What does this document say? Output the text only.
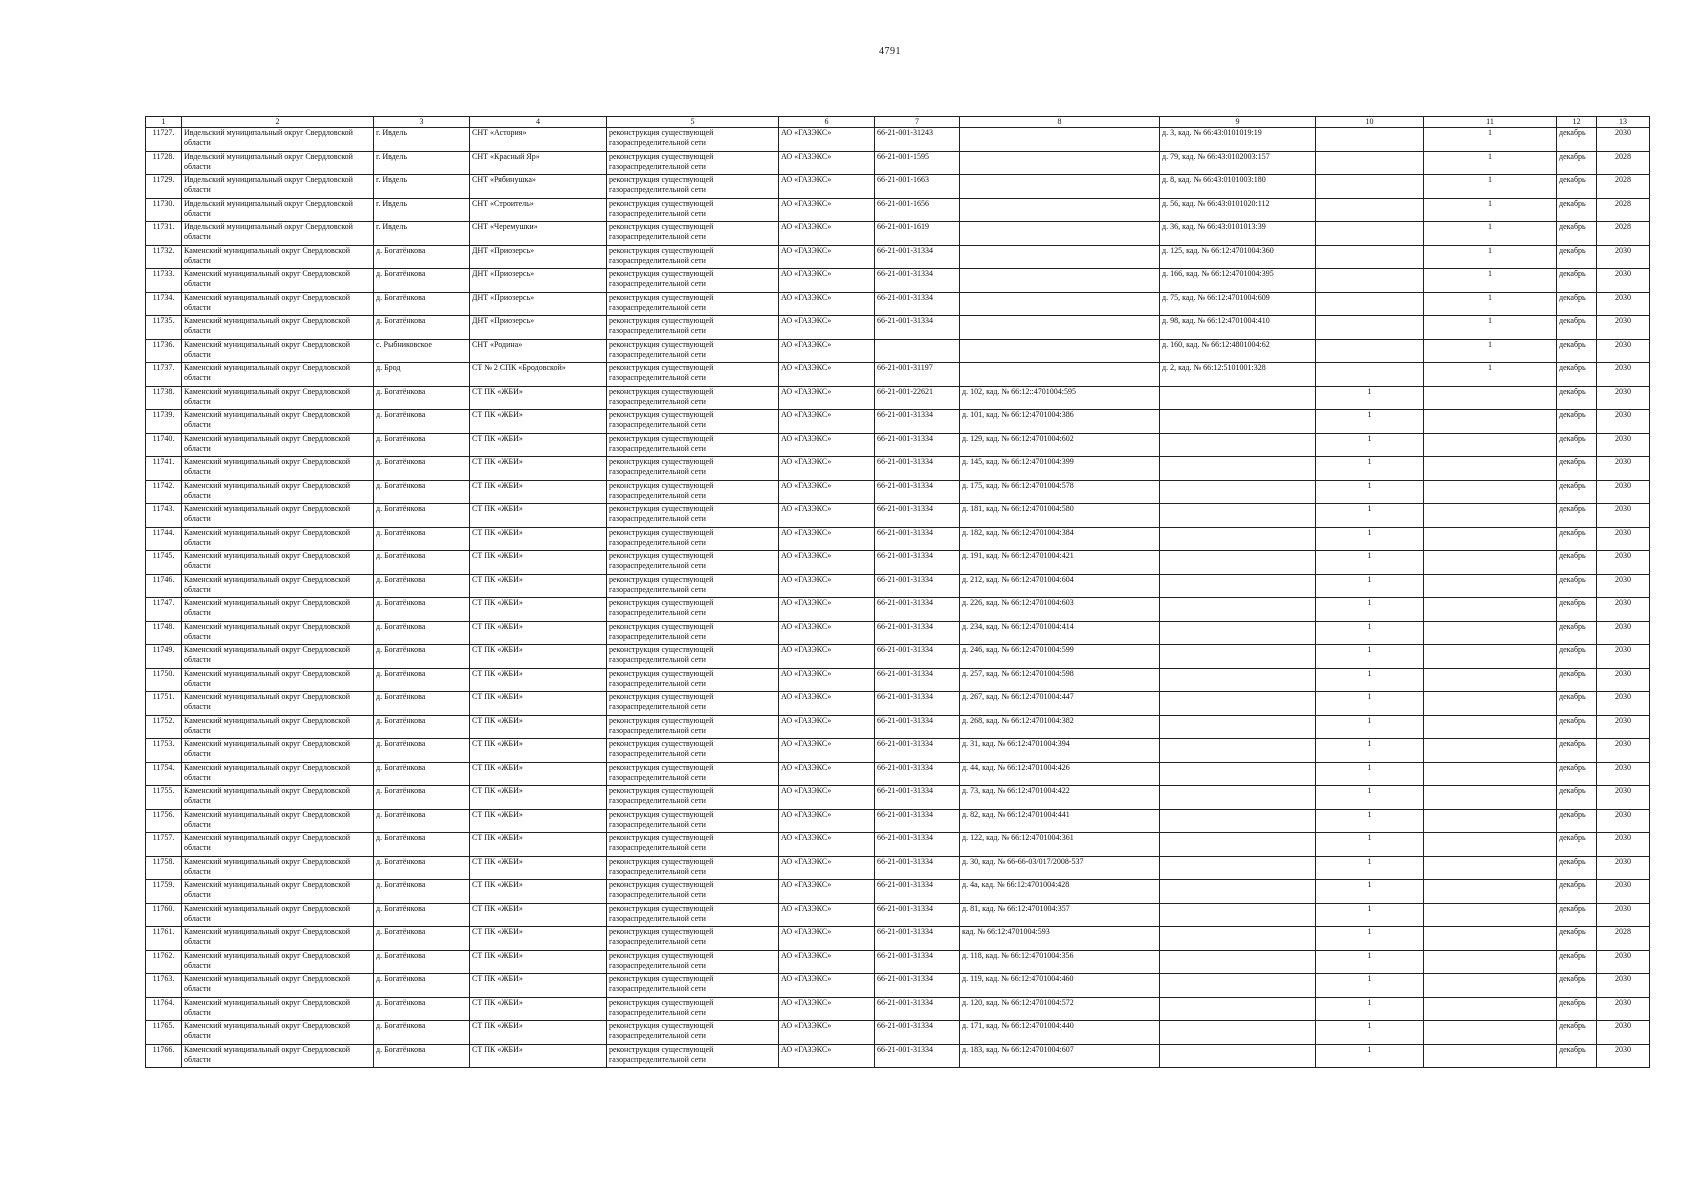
4791
1	2	3	4	5	6	7	8	9	10	11	12	13
11727.	Ивдельский муниципальный округ Свердловской области	г. Ивдель	СНТ «Астория»	реконструкция существующей газораспределительной сети	АО «ГАЗЭКС»	66-21-001-31243		д. 3, кад. № 66:43:0101019:19		1	декабрь	2030
11728.	Ивдельский муниципальный округ Свердловской области	г. Ивдель	СНТ «Красный Яр»	реконструкция существующей газораспределительной сети	АО «ГАЗЭКС»	66-21-001-1595		д. 79, кад. № 66:43:0102003:157		1	декабрь	2028
11729.	Ивдельский муниципальный округ Свердловской области	г. Ивдель	СНТ «Рябинушка»	реконструкция существующей газораспределительной сети	АО «ГАЗЭКС»	66-21-001-1663		д. 8, кад. № 66:43:0101003:180		1	декабрь	2028
11730.	Ивдельский муниципальный округ Свердловской области	г. Ивдель	СНТ «Строитель»	реконструкция существующей газораспределительной сети	АО «ГАЗЭКС»	66-21-001-1656		д. 56, кад. № 66:43:0101020:112		1	декабрь	2028
11731.	Ивдельский муниципальный округ Свердловской области	г. Ивдель	СНТ «Черемушки»	реконструкция существующей газораспределительной сети	АО «ГАЗЭКС»	66-21-001-1619		д. 36, кад. № 66:43:0101013:39		1	декабрь	2028
11732.	Каменский муниципальный округ Свердловской области	д. Богатёнкова	ДНТ «Приозерсь»	реконструкция существующей газораспределительной сети	АО «ГАЗЭКС»	66-21-001-31334		д. 125, кад. № 66:12:4701004:360		1	декабрь	2030
11733.	Каменский муниципальный округ Свердловской области	д. Богатёнкова	ДНТ «Приозерсь»	реконструкция существующей газораспределительной сети	АО «ГАЗЭКС»	66-21-001-31334		д. 166, кад. № 66:12:4701004:395		1	декабрь	2030
11734.	Каменский муниципальный округ Свердловской области	д. Богатёнкова	ДНТ «Приозерсь»	реконструкция существующей газораспределительной сети	АО «ГАЗЭКС»	66-21-001-31334		д. 75, кад. № 66:12:4701004:609		1	декабрь	2030
11735.	Каменский муниципальный округ Свердловской области	д. Богатёнкова	ДНТ «Приозерсь»	реконструкция существующей газораспределительной сети	АО «ГАЗЭКС»	66-21-001-31334		д. 98, кад. № 66:12:4701004:410		1	декабрь	2030
11736.	Каменский муниципальный округ Свердловской области	с. Рыбниковское	СНТ «Родина»	реконструкция существующей газораспределительной сети	АО «ГАЗЭКС»			д. 160, кад. № 66:12:4801004:62		1	декабрь	2030
11737.	Каменский муниципальный округ Свердловской области	д. Брод	СТ № 2 СПК «Бродовской»	реконструкция существующей газораспределительной сети	АО «ГАЗЭКС»	66-21-001-31197		д. 2, кад. № 66:12:5101001:328		1	декабрь	2030
11738.	Каменский муниципальный округ Свердловской области	д. Богатёнкова	СТ ПК «ЖБИ»	реконструкция существующей газораспределительной сети	АО «ГАЗЭКС»	66-21-001-22621	д. 102, кад. № 66:12::4701004:595		1		декабрь	2030
11739.	Каменский муниципальный округ Свердловской области	д. Богатёнкова	СТ ПК «ЖБИ»	реконструкция существующей газораспределительной сети	АО «ГАЗЭКС»	66-21-001-31334	д. 101, кад. № 66:12:4701004:386		1		декабрь	2030
11740.	Каменский муниципальный округ Свердловской области	д. Богатёнкова	СТ ПК «ЖБИ»	реконструкция существующей газораспределительной сети	АО «ГАЗЭКС»	66-21-001-31334	д. 129, кад. № 66:12:4701004:602		1		декабрь	2030
11741.	Каменский муниципальный округ Свердловской области	д. Богатёнкова	СТ ПК «ЖБИ»	реконструкция существующей газораспределительной сети	АО «ГАЗЭКС»	66-21-001-31334	д. 145, кад. № 66:12:4701004:399		1		декабрь	2030
11742.	Каменский муниципальный округ Свердловской области	д. Богатёнкова	СТ ПК «ЖБИ»	реконструкция существующей газораспределительной сети	АО «ГАЗЭКС»	66-21-001-31334	д. 175, кад. № 66:12:4701004:578		1		декабрь	2030
11743.	Каменский муниципальный округ Свердловской области	д. Богатёнкова	СТ ПК «ЖБИ»	реконструкция существующей газораспределительной сети	АО «ГАЗЭКС»	66-21-001-31334	д. 181, кад. № 66:12:4701004:580		1		декабрь	2030
11744.	Каменский муниципальный округ Свердловской области	д. Богатёнкова	СТ ПК «ЖБИ»	реконструкция существующей газораспределительной сети	АО «ГАЗЭКС»	66-21-001-31334	д. 182, кад. № 66:12:4701004:384		1		декабрь	2030
11745.	Каменский муниципальный округ Свердловской области	д. Богатёнкова	СТ ПК «ЖБИ»	реконструкция существующей газораспределительной сети	АО «ГАЗЭКС»	66-21-001-31334	д. 191, кад. № 66:12:4701004:421		1		декабрь	2030
11746.	Каменский муниципальный округ Свердловской области	д. Богатёнкова	СТ ПК «ЖБИ»	реконструкция существующей газораспределительной сети	АО «ГАЗЭКС»	66-21-001-31334	д. 212, кад. № 66:12:4701004:604		1		декабрь	2030
11747.	Каменский муниципальный округ Свердловской области	д. Богатёнкова	СТ ПК «ЖБИ»	реконструкция существующей газораспределительной сети	АО «ГАЗЭКС»	66-21-001-31334	д. 226, кад. № 66:12:4701004:603		1		декабрь	2030
11748.	Каменский муниципальный округ Свердловской области	д. Богатёнкова	СТ ПК «ЖБИ»	реконструкция существующей газораспределительной сети	АО «ГАЗЭКС»	66-21-001-31334	д. 234, кад. № 66:12:4701004:414		1		декабрь	2030
11749.	Каменский муниципальный округ Свердловской области	д. Богатёнкова	СТ ПК «ЖБИ»	реконструкция существующей газораспределительной сети	АО «ГАЗЭКС»	66-21-001-31334	д. 246, кад. № 66:12:4701004:599		1		декабрь	2030
11750.	Каменский муниципальный округ Свердловской области	д. Богатёнкова	СТ ПК «ЖБИ»	реконструкция существующей газораспределительной сети	АО «ГАЗЭКС»	66-21-001-31334	д. 257, кад. № 66:12:4701004:598		1		декабрь	2030
11751.	Каменский муниципальный округ Свердловской области	д. Богатёнкова	СТ ПК «ЖБИ»	реконструкция существующей газораспределительной сети	АО «ГАЗЭКС»	66-21-001-31334	д. 267, кад. № 66:12:4701004:447		1		декабрь	2030
11752.	Каменский муниципальный округ Свердловской области	д. Богатёнкова	СТ ПК «ЖБИ»	реконструкция существующей газораспределительной сети	АО «ГАЗЭКС»	66-21-001-31334	д. 268, кад. № 66:12:4701004:382		1		декабрь	2030
11753.	Каменский муниципальный округ Свердловской области	д. Богатёнкова	СТ ПК «ЖБИ»	реконструкция существующей газораспределительной сети	АО «ГАЗЭКС»	66-21-001-31334	д. 31, кад. № 66:12:4701004:394		1		декабрь	2030
11754.	Каменский муниципальный округ Свердловской области	д. Богатёнкова	СТ ПК «ЖБИ»	реконструкция существующей газораспределительной сети	АО «ГАЗЭКС»	66-21-001-31334	д. 44, кад. № 66:12:4701004:426		1		декабрь	2030
11755.	Каменский муниципальный округ Свердловской области	д. Богатёнкова	СТ ПК «ЖБИ»	реконструкция существующей газораспределительной сети	АО «ГАЗЭКС»	66-21-001-31334	д. 73, кад. № 66:12:4701004:422		1		декабрь	2030
11756.	Каменский муниципальный округ Свердловской области	д. Богатёнкова	СТ ПК «ЖБИ»	реконструкция существующей газораспределительной сети	АО «ГАЗЭКС»	66-21-001-31334	д. 82, кад. № 66:12:4701004:441		1		декабрь	2030
11757.	Каменский муниципальный округ Свердловской области	д. Богатёнкова	СТ ПК «ЖБИ»	реконструкция существующей газораспределительной сети	АО «ГАЗЭКС»	66-21-001-31334	д. 122, кад. № 66:12:4701004:361		1		декабрь	2030
11758.	Каменский муниципальный округ Свердловской области	д. Богатёнкова	СТ ПК «ЖБИ»	реконструкция существующей газораспределительной сети	АО «ГАЗЭКС»	66-21-001-31334	д. 30, кад. № 66-66-03/017/2008-537		1		декабрь	2030
11759.	Каменский муниципальный округ Свердловской области	д. Богатёнкова	СТ ПК «ЖБИ»	реконструкция существующей газораспределительной сети	АО «ГАЗЭКС»	66-21-001-31334	д. 4а, кад. № 66:12:4701004:428		1		декабрь	2030
11760.	Каменский муниципальный округ Свердловской области	д. Богатёнкова	СТ ПК «ЖБИ»	реконструкция существующей газораспределительной сети	АО «ГАЗЭКС»	66-21-001-31334	д. 81, кад. № 66:12:4701004:357		1		декабрь	2030
11761.	Каменский муниципальный округ Свердловской области	д. Богатёнкова	СТ ПК «ЖБИ»	реконструкция существующей газораспределительной сети	АО «ГАЗЭКС»	66-21-001-31334	кад. № 66:12:4701004:593		1		декабрь	2028
11762.	Каменский муниципальный округ Свердловской области	д. Богатёнкова	СТ ПК «ЖБИ»	реконструкция существующей газораспределительной сети	АО «ГАЗЭКС»	66-21-001-31334	д. 118, кад. № 66:12:4701004:356		1		декабрь	2030
11763.	Каменский муниципальный округ Свердловской области	д. Богатёнкова	СТ ПК «ЖБИ»	реконструкция существующей газораспределительной сети	АО «ГАЗЭКС»	66-21-001-31334	д. 119, кад. № 66:12:4701004:460		1		декабрь	2030
11764.	Каменский муниципальный округ Свердловской области	д. Богатёнкова	СТ ПК «ЖБИ»	реконструкция существующей газораспределительной сети	АО «ГАЗЭКС»	66-21-001-31334	д. 120, кад. № 66:12:4701004:572		1		декабрь	2030
11765.	Каменский муниципальный округ Свердловской области	д. Богатёнкова	СТ ПК «ЖБИ»	реконструкция существующей газораспределительной сети	АО «ГАЗЭКС»	66-21-001-31334	д. 171, кад. № 66:12:4701004:440		1		декабрь	2030
11766.	Каменский муниципальный округ Свердловской области	д. Богатёнкова	СТ ПК «ЖБИ»	реконструкция существующей газораспределительной сети	АО «ГАЗЭКС»	66-21-001-31334	д. 183, кад. № 66:12:4701004:607		1		декабрь	2030
